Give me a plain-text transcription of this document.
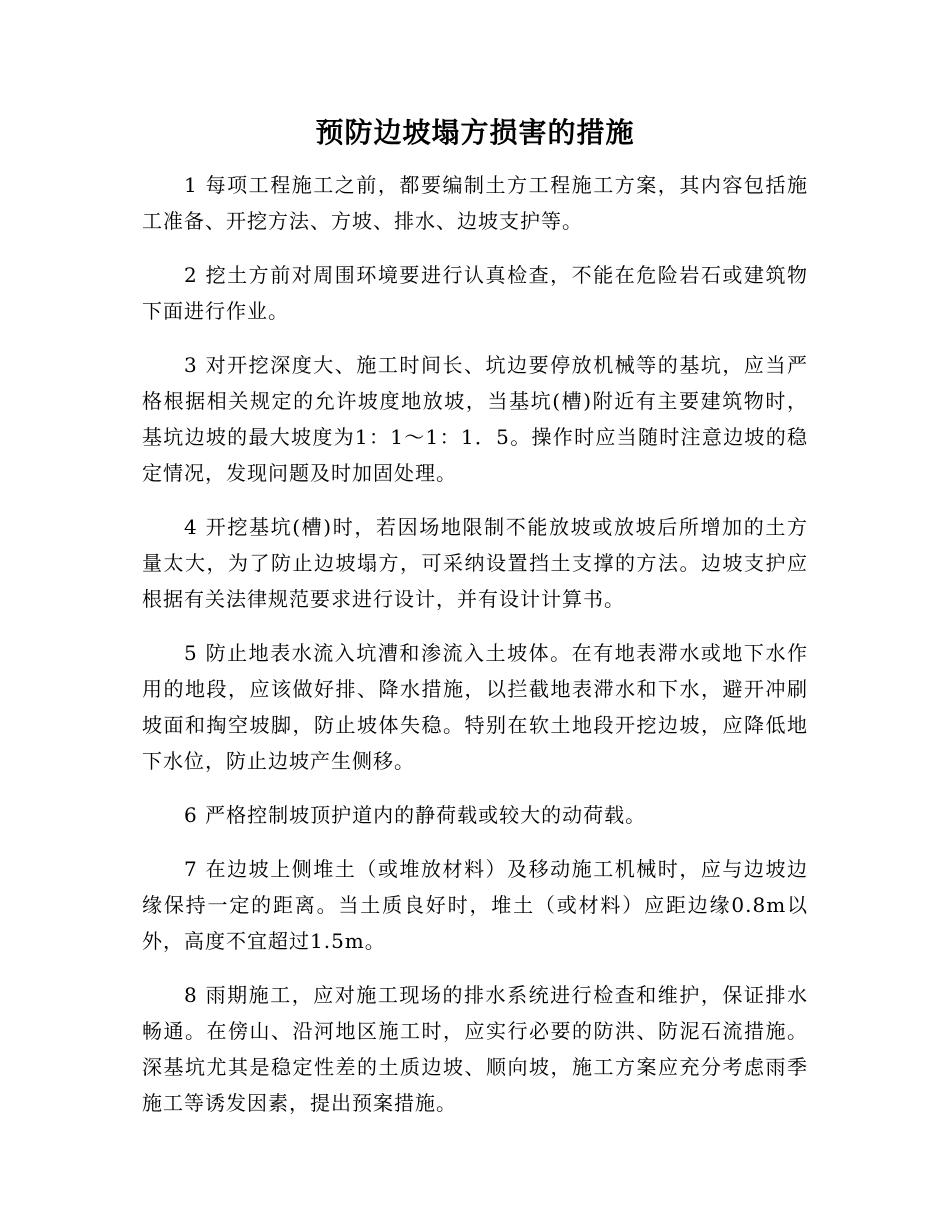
预防边坡塌方损害的措施

1 每项工程施工之前，都要编制土方工程施工方案，其内容包括施工准备、开挖方法、方坡、排水、边坡支护等。

2 挖土方前对周围环境要进行认真检查，不能在危险岩石或建筑物下面进行作业。

3 对开挖深度大、施工时间长、坑边要停放机械等的基坑，应当严格根据相关规定的允许坡度地放坡，当基坑(槽)附近有主要建筑物时，基坑边坡的最大坡度为1：1～1：1．5。操作时应当随时注意边坡的稳定情况，发现问题及时加固处理。

4 开挖基坑(槽)时，若因场地限制不能放坡或放坡后所增加的土方量太大，为了防止边坡塌方，可采纳设置挡土支撑的方法。边坡支护应根据有关法律规范要求进行设计，并有设计计算书。

5 防止地表水流入坑漕和渗流入土坡体。在有地表滞水或地下水作用的地段，应该做好排、降水措施，以拦截地表滞水和下水，避开冲刷坡面和掏空坡脚，防止坡体失稳。特别在软土地段开挖边坡，应降低地下水位，防止边坡产生侧移。

6 严格控制坡顶护道内的静荷载或较大的动荷载。

7 在边坡上侧堆土（或堆放材料）及移动施工机械时，应与边坡边缘保持一定的距离。当土质良好时，堆土（或材料）应距边缘0.8m以外，高度不宜超过1.5m。

8 雨期施工，应对施工现场的排水系统进行检查和维护，保证排水畅通。在傍山、沿河地区施工时，应实行必要的防洪、防泥石流措施。深基坑尤其是稳定性差的土质边坡、顺向坡，施工方案应充分考虑雨季施工等诱发因素，提出预案措施。
